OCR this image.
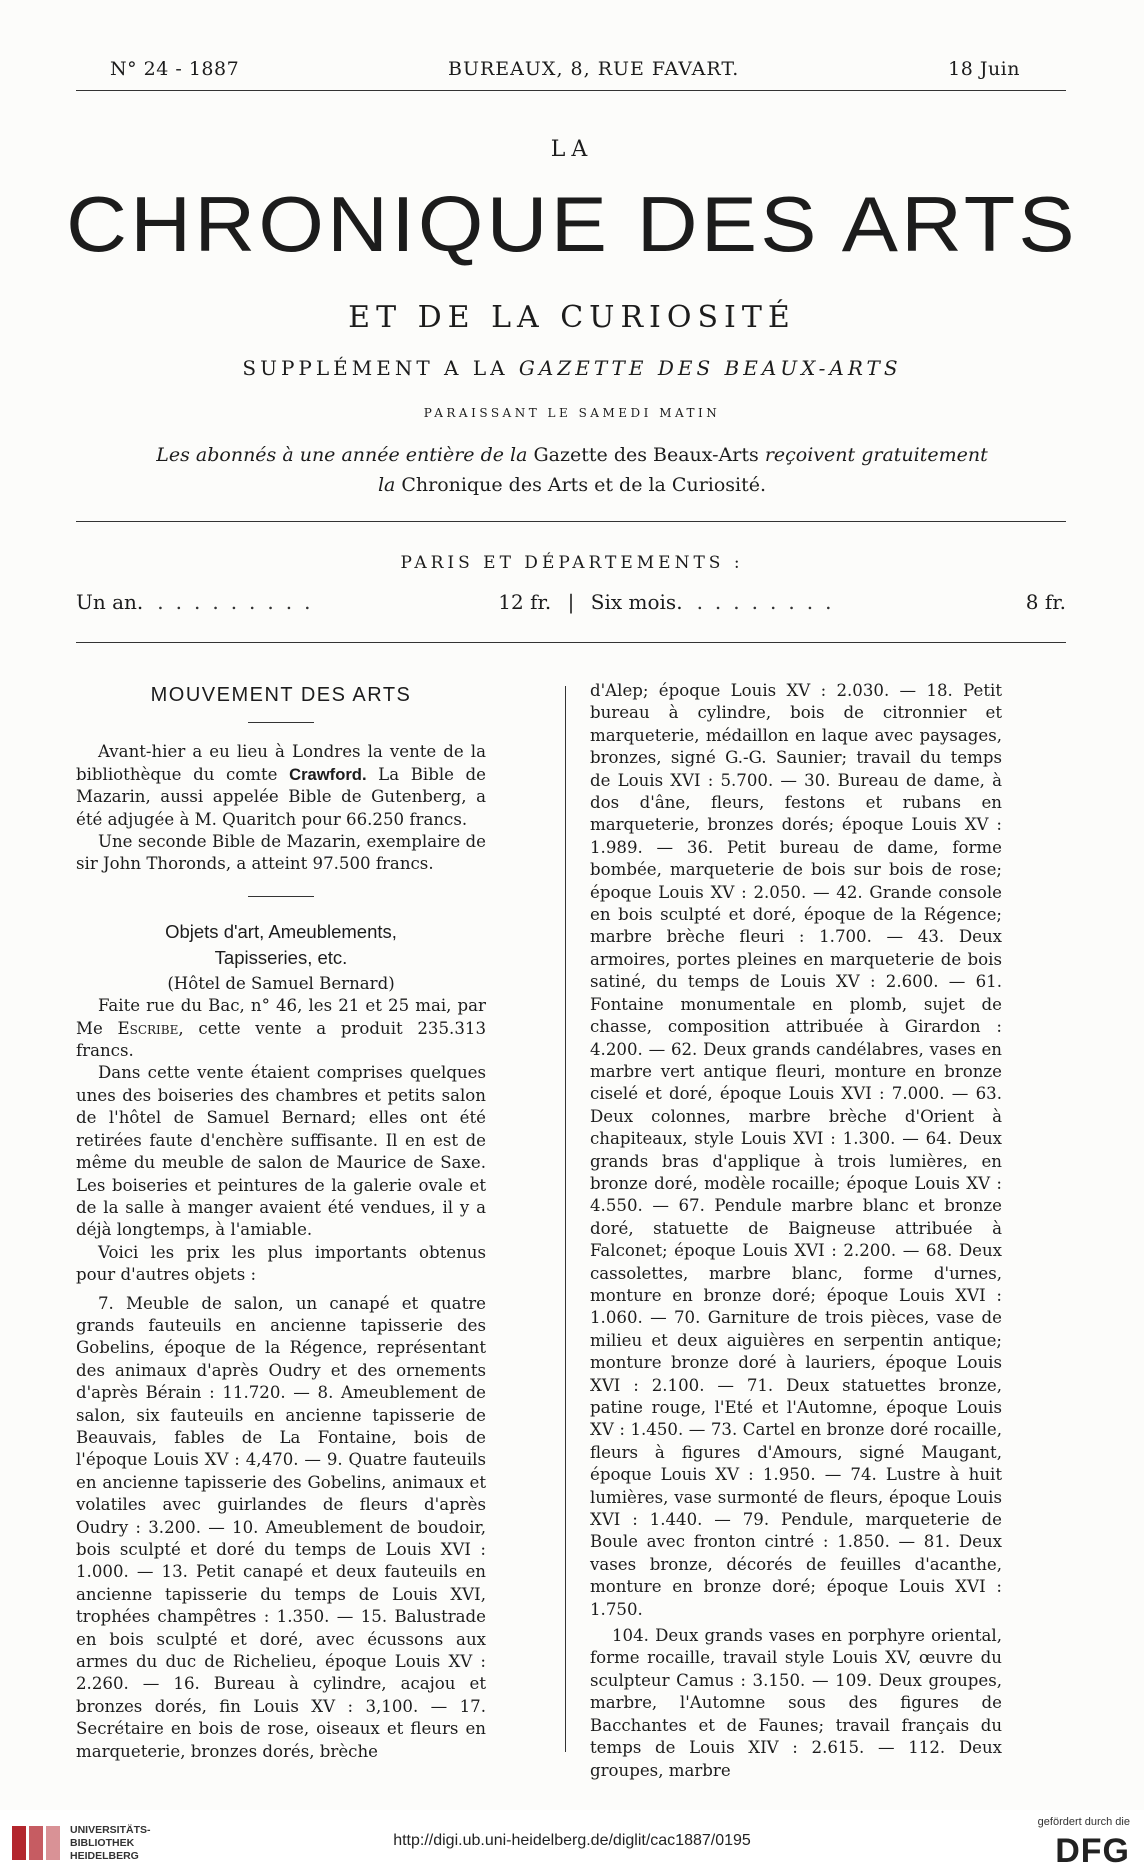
N° 24 - 1887	BUREAUX, 8, RUE FAVART.	18 Juin
LA
CHRONIQUE DES ARTS
ET DE LA CURIOSITÉ
SUPPLÉMENT A LA GAZETTE DES BEAUX-ARTS
PARAISSANT LE SAMEDI MATIN
Les abonnés à une année entière de la Gazette des Beaux-Arts reçoivent gratuitement
la Chronique des Arts et de la Curiosité.
PARIS ET DÉPARTEMENTS :
Un an. .........	12 fr. | Six mois. ........	8 fr.
MOUVEMENT DES ARTS

Avant-hier a eu lieu à Londres la vente de la bibliothèque du comte Crawford. La Bible de Mazarin, aussi appelée Bible de Gutenberg, a été adjugée à M. Quaritch pour 66.250 francs.

Une seconde Bible de Mazarin, exemplaire de sir John Thoronds, a atteint 97.500 francs.

Objets d'art, Ameublements,
Tapisseries, etc.
(Hôtel de Samuel Bernard)

Faite rue du Bac, n° 46, les 21 et 25 mai, par Me Escribe, cette vente a produit 235.313 francs.

Dans cette vente étaient comprises quelques unes des boiseries des chambres et petits salon de l'hôtel de Samuel Bernard; elles ont été retirées faute d'enchère suffisante. Il en est de même du meuble de salon de Maurice de Saxe. Les boiseries et peintures de la galerie ovale et de la salle à manger avaient été vendues, il y a déjà longtemps, à l'amiable.

Voici les prix les plus importants obtenus pour d'autres objets :

7. Meuble de salon, un canapé et quatre grands fauteuils en ancienne tapisserie des Gobelins, époque de la Régence, représentant des animaux d'après Oudry et des ornements d'après Bérain : 11.720. — 8. Ameublement de salon, six fauteuils en ancienne tapisserie de Beauvais, fables de La Fontaine, bois de l'époque Louis XV : 4,470. — 9. Quatre fauteuils en ancienne tapisserie des Gobelins, animaux et volatiles avec guirlandes de fleurs d'après Oudry : 3.200. — 10. Ameublement de boudoir, bois sculpté et doré du temps de Louis XVI : 1.000. — 13. Petit canapé et deux fauteuils en ancienne tapisserie du temps de Louis XVI, trophées champêtres : 1.350. — 15. Balustrade en bois sculpté et doré, avec écussons aux armes du duc de Richelieu, époque Louis XV : 2.260. — 16. Bureau à cylindre, acajou et bronzes dorés, fin Louis XV : 3,100. — 17. Secrétaire en bois de rose, oiseaux et fleurs en marqueterie, bronzes dorés, brèche

d'Alep; époque Louis XV : 2.030. — 18. Petit bureau à cylindre, bois de citronnier et marqueterie, médaillon en laque avec paysages, bronzes, signé G.-G. Saunier; travail du temps de Louis XVI : 5.700. — 30. Bureau de dame, à dos d'âne, fleurs, festons et rubans en marqueterie, bronzes dorés; époque Louis XV : 1.989. — 36. Petit bureau de dame, forme bombée, marqueterie de bois sur bois de rose; époque Louis XV : 2.050. — 42. Grande console en bois sculpté et doré, époque de la Régence; marbre brèche fleuri : 1.700. — 43. Deux armoires, portes pleines en marqueterie de bois satiné, du temps de Louis XV : 2.600. — 61. Fontaine monumentale en plomb, sujet de chasse, composition attribuée à Girardon : 4.200. — 62. Deux grands candélabres, vases en marbre vert antique fleuri, monture en bronze ciselé et doré, époque Louis XVI : 7.000. — 63. Deux colonnes, marbre brèche d'Orient à chapiteaux, style Louis XVI : 1.300. — 64. Deux grands bras d'applique à trois lumières, en bronze doré, modèle rocaille; époque Louis XV : 4.550. — 67. Pendule marbre blanc et bronze doré, statuette de Baigneuse attribuée à Falconet; époque Louis XVI : 2.200. — 68. Deux cassolettes, marbre blanc, forme d'urnes, monture en bronze doré; époque Louis XVI : 1.060. — 70. Garniture de trois pièces, vase de milieu et deux aiguières en serpentin antique; monture bronze doré à lauriers, époque Louis XVI : 2.100. — 71. Deux statuettes bronze, patine rouge, l'Eté et l'Automne, époque Louis XV : 1.450. — 73. Cartel en bronze doré rocaille, fleurs à figures d'Amours, signé Maugant, époque Louis XV : 1.950. — 74. Lustre à huit lumières, vase surmonté de fleurs, époque Louis XVI : 1.440. — 79. Pendule, marqueterie de Boule avec fronton cintré : 1.850. — 81. Deux vases bronze, décorés de feuilles d'acanthe, monture en bronze doré; époque Louis XVI : 1.750.

104. Deux grands vases en porphyre oriental, forme rocaille, travail style Louis XV, œuvre du sculpteur Camus : 3.150. — 109. Deux groupes, marbre, l'Automne sous des figures de Bacchantes et de Faunes; travail français du temps de Louis XIV : 2.615. — 112. Deux groupes, marbre

UNIVERSITÄTS-
BIBLIOTHEK
HEIDELBERG
http://digi.ub.uni-heidelberg.de/diglit/cac1887/0195
gefördert durch die
DFG
